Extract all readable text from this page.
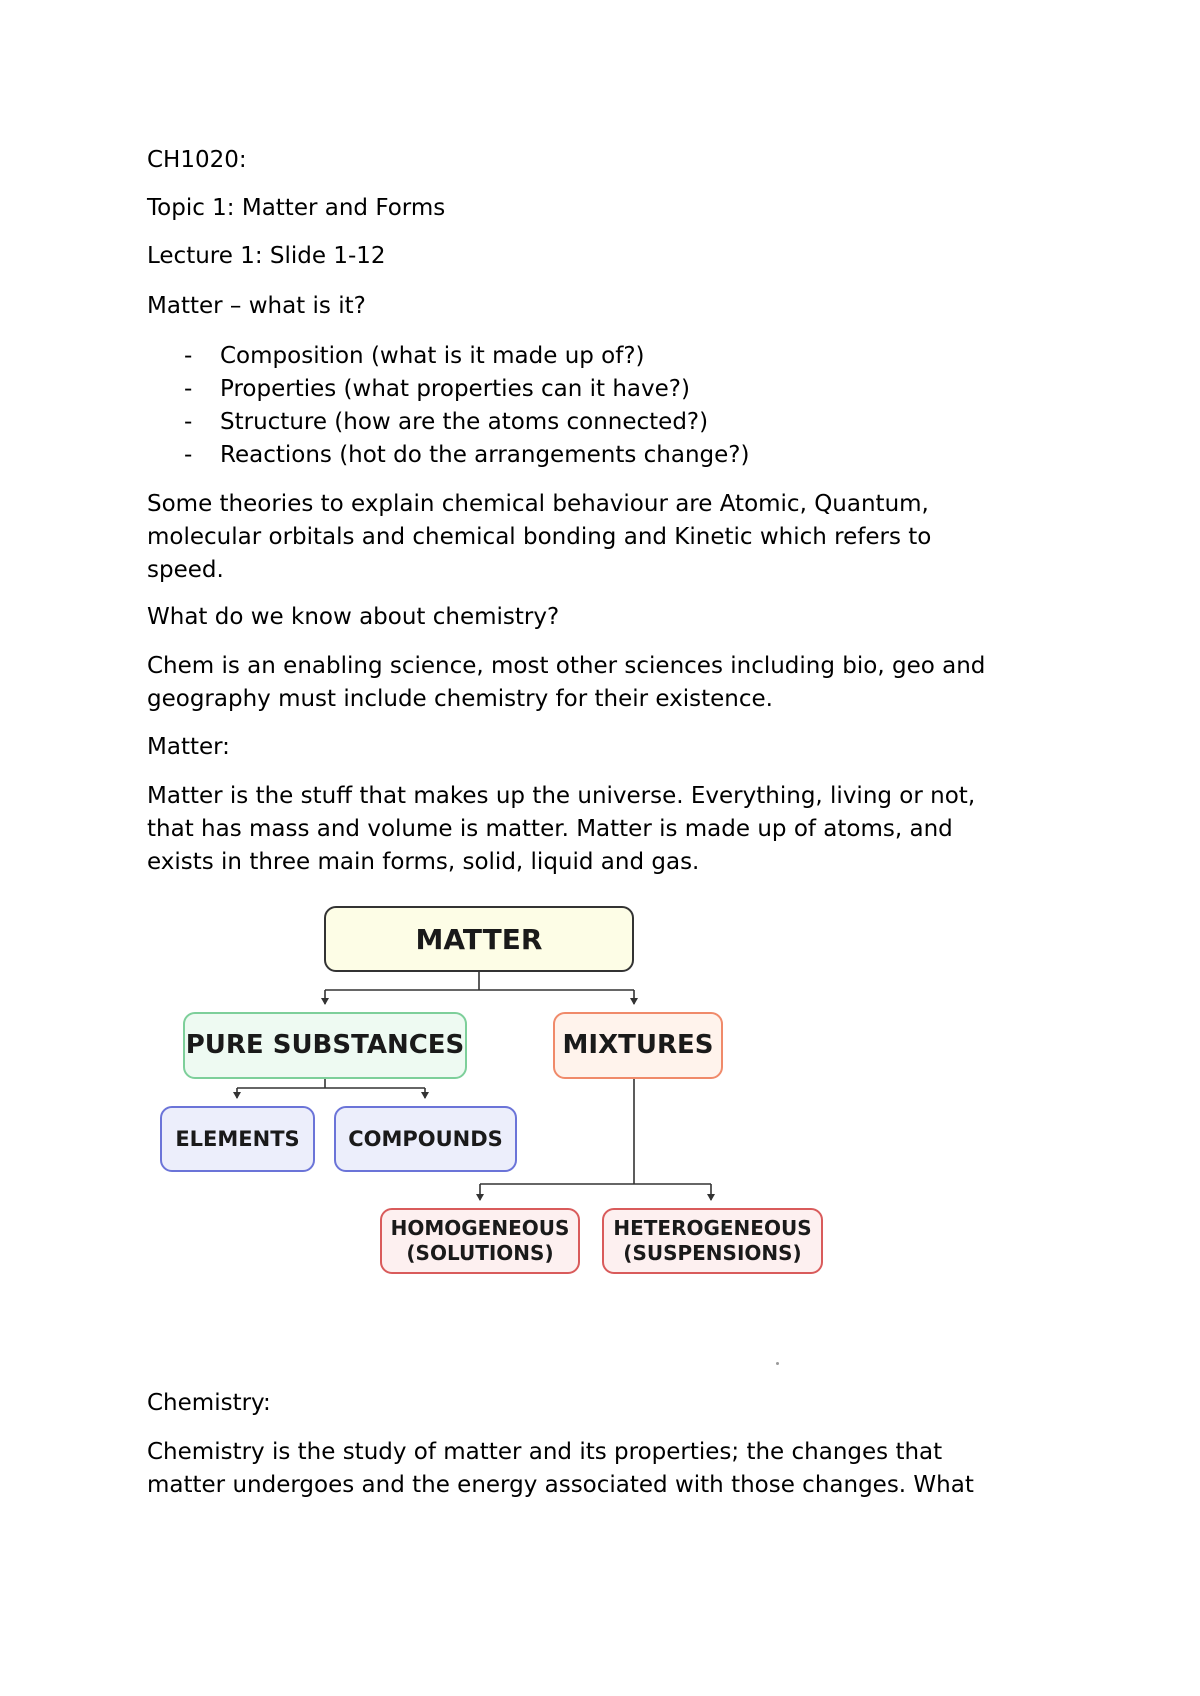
CH1020:
Topic 1: Matter and Forms
Lecture 1: Slide 1-12
Matter – what is it?
- Composition (what is it made up of?)
- Properties (what properties can it have?)
- Structure (how are the atoms connected?)
- Reactions (hot do the arrangements change?)
Some theories to explain chemical behaviour are Atomic, Quantum,
molecular orbitals and chemical bonding and Kinetic which refers to
speed.
What do we know about chemistry?
Chem is an enabling science, most other sciences including bio, geo and
geography must include chemistry for their existence.
Matter:
Matter is the stuff that makes up the universe. Everything, living or not,
that has mass and volume is matter. Matter is made up of atoms, and
exists in three main forms, solid, liquid and gas.
MATTER
PURE SUBSTANCES	MIXTURES
ELEMENTS	COMPOUNDS
HOMOGENEOUS
(SOLUTIONS)
HETEROGENEOUS
(SUSPENSIONS)
Chemistry:
Chemistry is the study of matter and its properties; the changes that
matter undergoes and the energy associated with those changes. What
